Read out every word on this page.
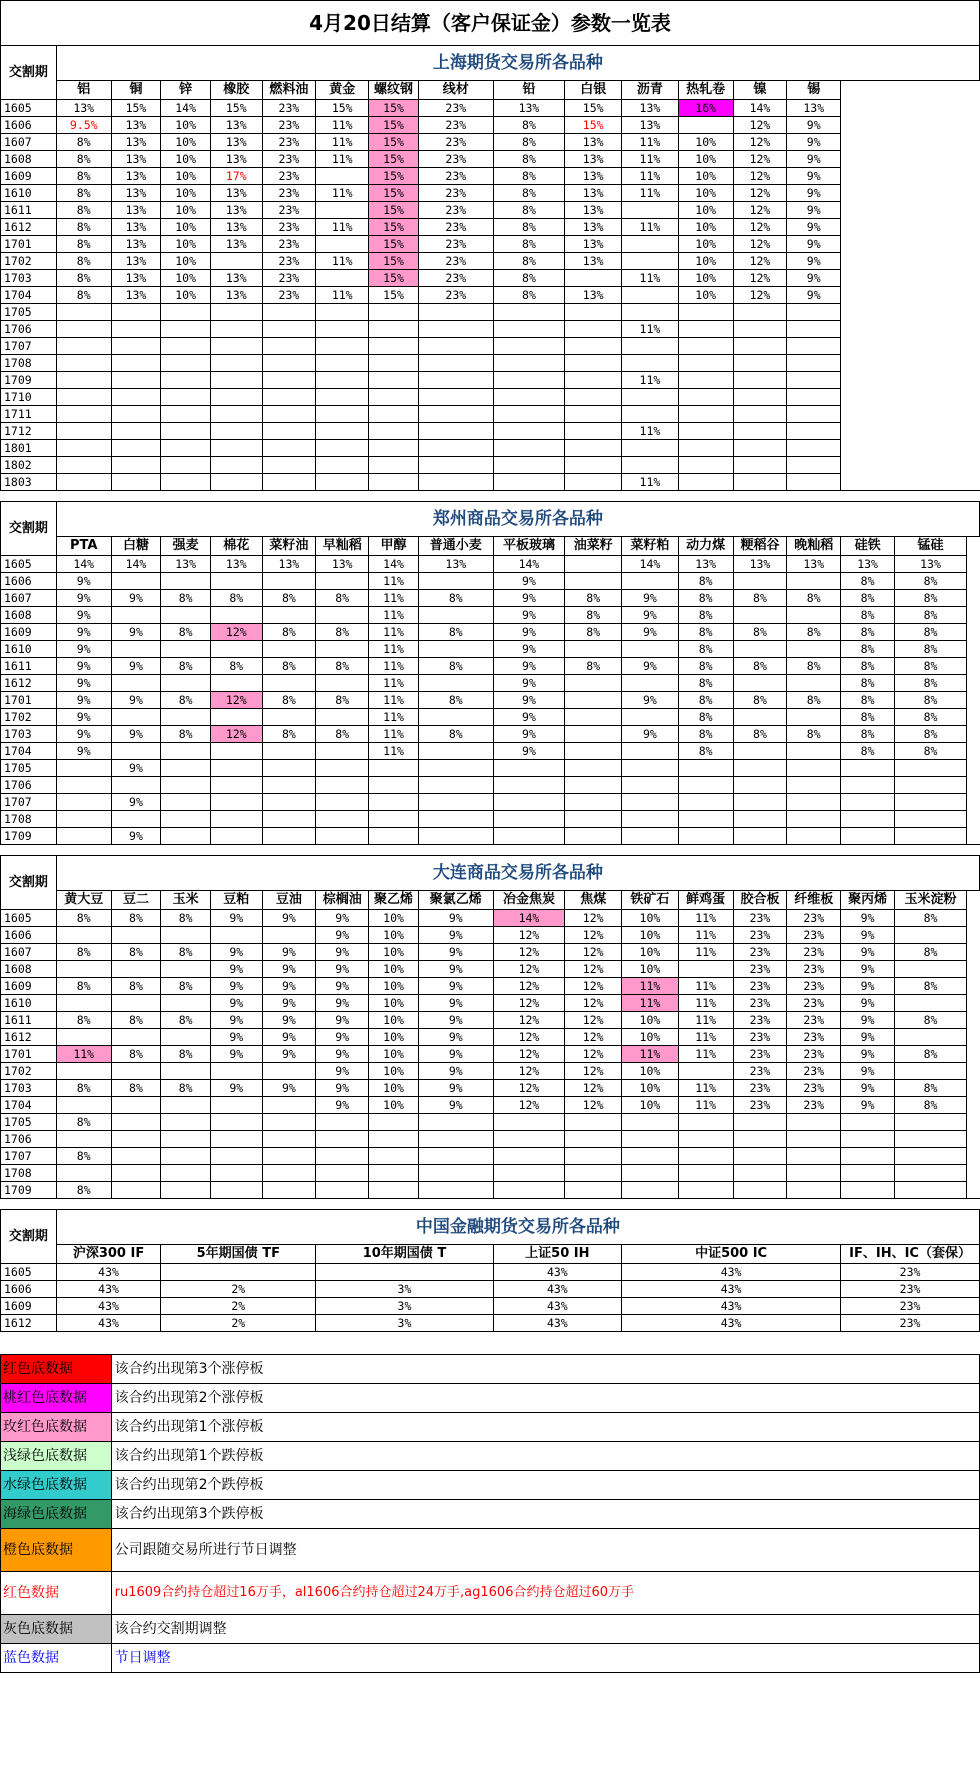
4月20日结算（客户保证金）参数一览表																	
交割期	上海期货交易所各品种																
	铝	铜	锌	橡胶	燃料油	黄金	螺纹钢	线材	铅	白银	沥青	热轧卷	镍	锡			
1605	13%	15%	14%	15%	23%	15%	15%	23%	13%	15%	13%	16%	14%	13%			
1606	9.5%	13%	10%	13%	23%	11%	15%	23%	8%	15%	13%		12%	9%			
1607	8%	13%	10%	13%	23%	11%	15%	23%	8%	13%	11%	10%	12%	9%			
1608	8%	13%	10%	13%	23%	11%	15%	23%	8%	13%	11%	10%	12%	9%			
1609	8%	13%	10%	17%	23%		15%	23%	8%	13%	11%	10%	12%	9%			
1610	8%	13%	10%	13%	23%	11%	15%	23%	8%	13%	11%	10%	12%	9%			
1611	8%	13%	10%	13%	23%		15%	23%	8%	13%		10%	12%	9%			
1612	8%	13%	10%	13%	23%	11%	15%	23%	8%	13%	11%	10%	12%	9%			
1701	8%	13%	10%	13%	23%		15%	23%	8%	13%		10%	12%	9%			
1702	8%	13%	10%		23%	11%	15%	23%	8%	13%		10%	12%	9%			
1703	8%	13%	10%	13%	23%		15%	23%	8%		11%	10%	12%	9%			
1704	8%	13%	10%	13%	23%	11%	15%	23%	8%	13%		10%	12%	9%			
1705																	
1706											11%						
1707																	
1708																	
1709											11%						
1710																	
1711																	
1712											11%						
1801																	
1802																	
1803											11%						

交割期	郑州商品交易所各品种																
	PTA	白糖	强麦	棉花	菜籽油	早籼稻	甲醇	普通小麦	平板玻璃	油菜籽	菜籽粕	动力煤	粳稻谷	晚籼稻	硅铁	锰硅	
1605	14%	14%	13%	13%	13%	13%	14%	13%	14%		14%	13%	13%	13%	13%	13%	
1606	9%						11%		9%			8%			8%	8%	
1607	9%	9%	8%	8%	8%	8%	11%	8%	9%	8%	9%	8%	8%	8%	8%	8%	
1608	9%						11%		9%	8%	9%	8%			8%	8%	
1609	9%	9%	8%	12%	8%	8%	11%	8%	9%	8%	9%	8%	8%	8%	8%	8%	
1610	9%						11%		9%			8%			8%	8%	
1611	9%	9%	8%	8%	8%	8%	11%	8%	9%	8%	9%	8%	8%	8%	8%	8%	
1612	9%						11%		9%			8%			8%	8%	
1701	9%	9%	8%	12%	8%	8%	11%	8%	9%		9%	8%	8%	8%	8%	8%	
1702	9%						11%		9%			8%			8%	8%	
1703	9%	9%	8%	12%	8%	8%	11%	8%	9%		9%	8%	8%	8%	8%	8%	
1704	9%						11%		9%			8%			8%	8%	
1705		9%															
1706																	
1707		9%															
1708																	
1709		9%															

交割期	大连商品交易所各品种																
	黄大豆	豆二	玉米	豆粕	豆油	棕榈油	聚乙烯	聚氯乙烯	冶金焦炭	焦煤	铁矿石	鲜鸡蛋	胶合板	纤维板	聚丙烯	玉米淀粉	
1605	8%	8%	8%	9%	9%	9%	10%	9%	14%	12%	10%	11%	23%	23%	9%	8%	
1606						9%	10%	9%	12%	12%	10%	11%	23%	23%	9%		
1607	8%	8%	8%	9%	9%	9%	10%	9%	12%	12%	10%	11%	23%	23%	9%	8%	
1608				9%	9%	9%	10%	9%	12%	12%	10%		23%	23%	9%		
1609	8%	8%	8%	9%	9%	9%	10%	9%	12%	12%	11%	11%	23%	23%	9%	8%	
1610				9%	9%	9%	10%	9%	12%	12%	11%	11%	23%	23%	9%		
1611	8%	8%	8%	9%	9%	9%	10%	9%	12%	12%	10%	11%	23%	23%	9%	8%	
1612				9%	9%	9%	10%	9%	12%	12%	10%	11%	23%	23%	9%		
1701	11%	8%	8%	9%	9%	9%	10%	9%	12%	12%	11%	11%	23%	23%	9%	8%	
1702						9%	10%	9%	12%	12%	10%		23%	23%	9%		
1703	8%	8%	8%	9%	9%	9%	10%	9%	12%	12%	10%	11%	23%	23%	9%	8%	
1704						9%	10%	9%	12%	12%	10%	11%	23%	23%	9%	8%	
1705	8%																
1706																	
1707	8%																
1708																	
1709	8%																

交割期	中国金融期货交易所各品种																
	沪深300 IF		5年期国债 TF			10年期国债 T			上证50 IH		中证500 IC				IF、IH、IC（套保）		
1605	43%								43%		43%				23%		
1606	43%		2%			3%			43%		43%				23%		
1609	43%		2%			3%			43%		43%				23%		
1612	43%		2%			3%			43%		43%				23%		

红色底数据		该合约出现第3个涨停板															
桃红色底数据		该合约出现第2个涨停板															
玫红色底数据		该合约出现第1个涨停板															
浅绿色底数据		该合约出现第1个跌停板															
水绿色底数据		该合约出现第2个跌停板															
海绿色底数据		该合约出现第3个跌停板															
橙色底数据		公司跟随交易所进行节日调整															
红色数据		ru1609合约持仓超过16万手，al1606合约持仓超过24万手,ag1606合约持仓超过60万手															
灰色底数据		该合约交割期调整															
蓝色数据		节日调整															
